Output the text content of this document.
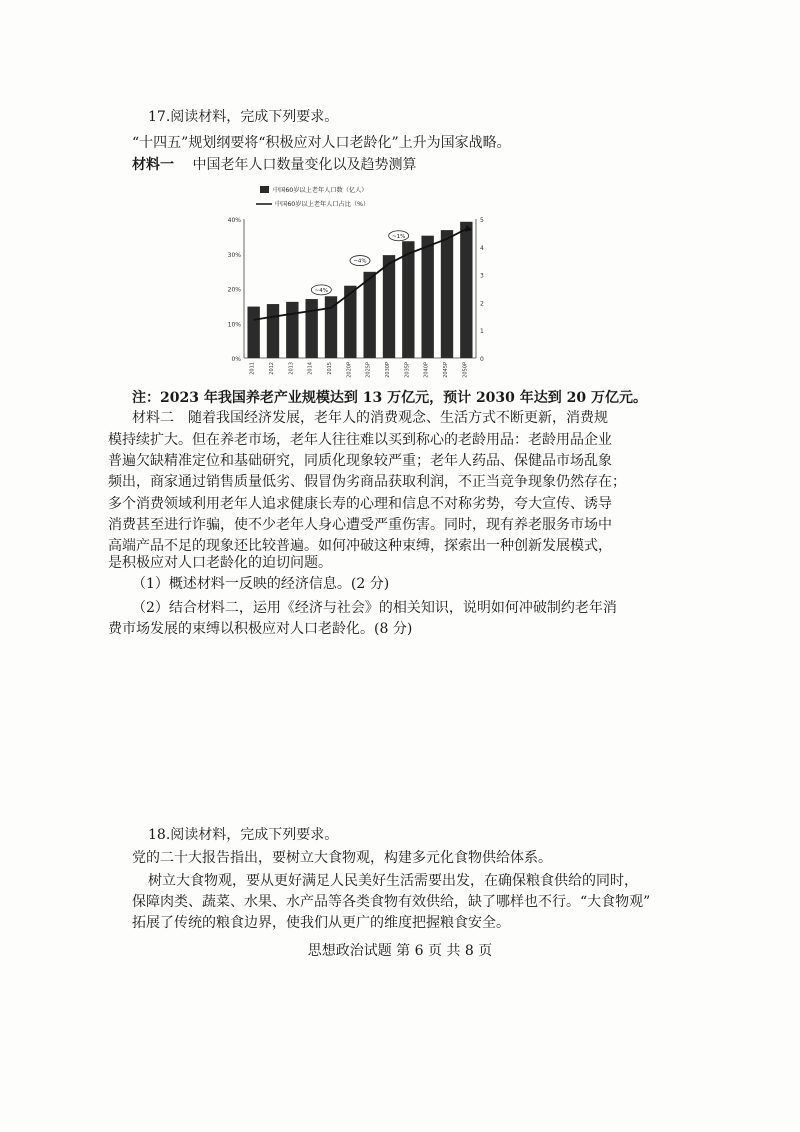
17.阅读材料，完成下列要求。
“十四五”规划纲要将“积极应对人口老龄化”上升为国家战略。
材料一 中国老年人口数量变化以及趋势测算
0%
10%
20%
30%
40%
0
1
2
3
4
5
2011	2012	2013	2014	2015	2020P	2025P	2030P	2035P	2040P	2045P	2050P
~4%
~4%
~1%
中国60岁以上老年人口数（亿人）
中国60岁以上老年人口占比（%）
注：2023 年我国养老产业规模达到 13 万亿元，预计 2030 年达到 20 万亿元。
材料二　随着我国经济发展，老年人的消费观念、生活方式不断更新，消费规
模持续扩大。但在养老市场，老年人往往难以买到称心的老龄用品：老龄用品企业
普遍欠缺精准定位和基础研究，同质化现象较严重；老年人药品、保健品市场乱象
频出，商家通过销售质量低劣、假冒伪劣商品获取利润，不正当竞争现象仍然存在；
多个消费领域利用老年人追求健康长寿的心理和信息不对称劣势，夸大宣传、诱导
消费甚至进行诈骗，使不少老年人身心遭受严重伤害。同时，现有养老服务市场中
高端产品不足的现象还比较普遍。如何冲破这种束缚，探索出一种创新发展模式，
是积极应对人口老龄化的迫切问题。
（1）概述材料一反映的经济信息。(2 分)
（2）结合材料二，运用《经济与社会》的相关知识，说明如何冲破制约老年消
费市场发展的束缚以积极应对人口老龄化。(8 分)
18.阅读材料，完成下列要求。
党的二十大报告指出，要树立大食物观，构建多元化食物供给体系。
树立大食物观，要从更好满足人民美好生活需要出发，在确保粮食供给的同时，
保障肉类、蔬菜、水果、水产品等各类食物有效供给，缺了哪样也不行。“大食物观”
拓展了传统的粮食边界，使我们从更广的维度把握粮食安全。
思想政治试题 第 6 页 共 8 页
